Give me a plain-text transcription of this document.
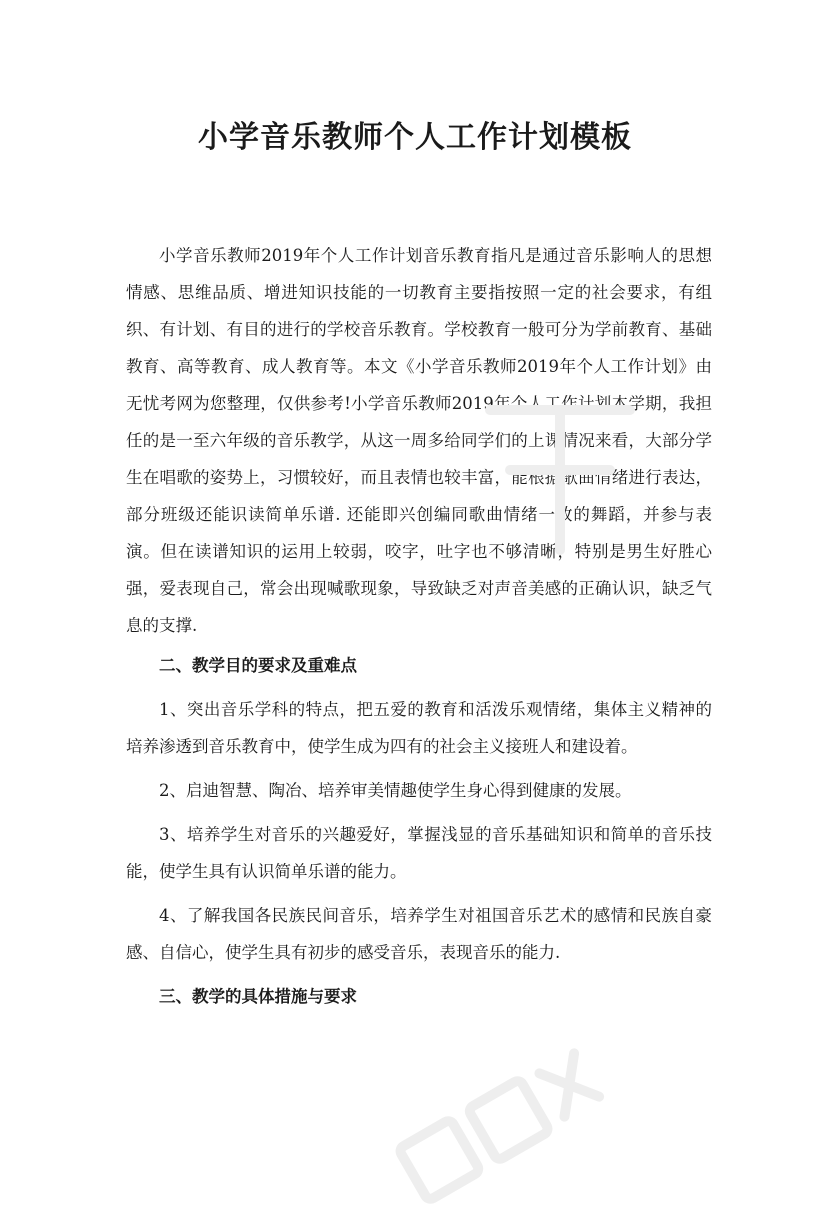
小学音乐教师个人工作计划模板

小学音乐教师2019年个人工作计划音乐教育指凡是通过音乐影响人的思想情感、思维品质、增进知识技能的一切教育主要指按照一定的社会要求，有组织、有计划、有目的进行的学校音乐教育。学校教育一般可分为学前教育、基础教育、高等教育、成人教育等。本文《小学音乐教师2019年个人工作计划》由无忧考网为您整理，仅供参考!小学音乐教师2019年个人工作计划本学期，我担任的是一至六年级的音乐教学，从这一周多给同学们的上课情况来看，大部分学生在唱歌的姿势上，习惯较好，而且表情也较丰富，能根据歌曲情绪进行表达，部分班级还能识读简单乐谱. 还能即兴创编同歌曲情绪一致的舞蹈，并参与表演。但在读谱知识的运用上较弱，咬字，吐字也不够清晰，特别是男生好胜心强，爱表现自己，常会出现喊歌现象，导致缺乏对声音美感的正确认识，缺乏气息的支撑.

二、教学目的要求及重难点

1、突出音乐学科的特点，把五爱的教育和活泼乐观情绪，集体主义精神的培养渗透到音乐教育中，使学生成为四有的社会主义接班人和建设着。

2、启迪智慧、陶冶、培养审美情趣使学生身心得到健康的发展。

3、培养学生对音乐的兴趣爱好，掌握浅显的音乐基础知识和简单的音乐技能，使学生具有认识简单乐谱的能力。

4、了解我国各民族民间音乐，培养学生对祖国音乐艺术的感情和民族自豪感、自信心，使学生具有初步的感受音乐，表现音乐的能力.

三、教学的具体措施与要求
